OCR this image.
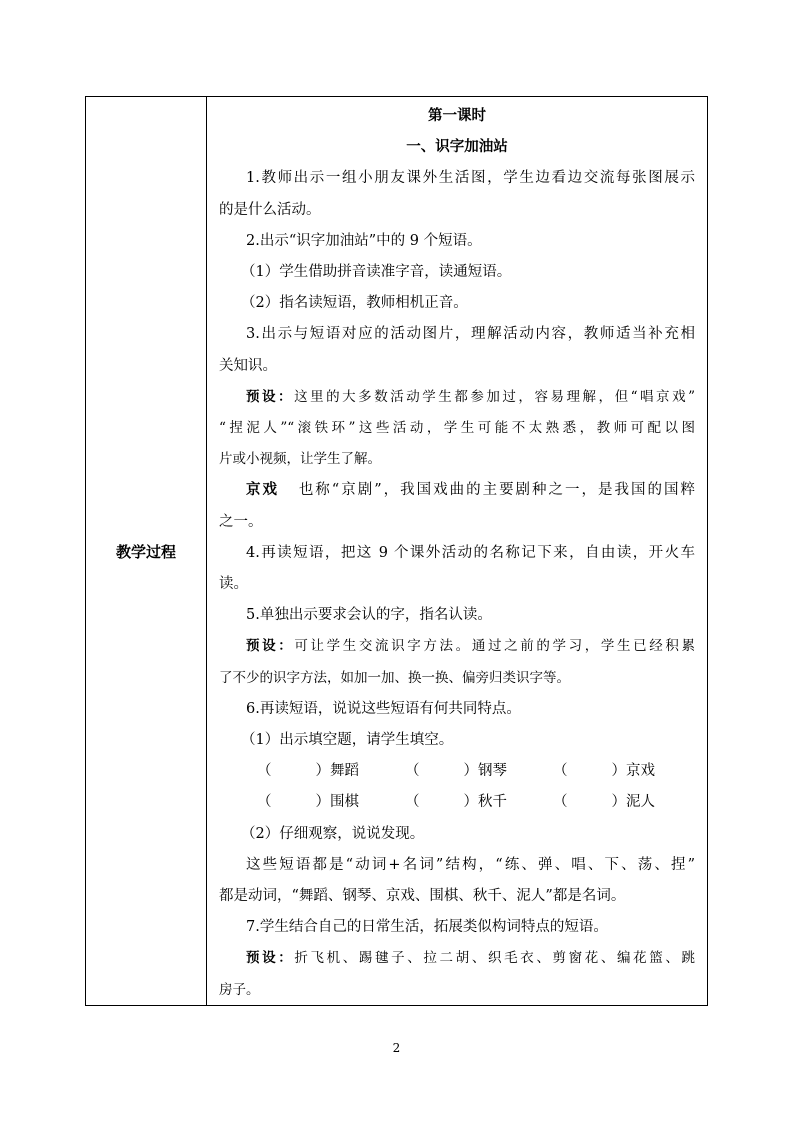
教学过程
第一课时
一、识字加油站
1.教师出示一组小朋友课外生活图，学生边看边交流每张图展示
的是什么活动。
2.出示“识字加油站”中的 9 个短语。
（1）学生借助拼音读准字音，读通短语。
（2）指名读短语，教师相机正音。
3.出示与短语对应的活动图片，理解活动内容，教师适当补充相
关知识。
预设：这里的大多数活动学生都参加过，容易理解，但“唱京戏”
“捏泥人”“滚铁环”这些活动，学生可能不太熟悉，教师可配以图
片或小视频，让学生了解。
京戏 也称“京剧”，我国戏曲的主要剧种之一，是我国的国粹
之一。
4.再读短语，把这 9 个课外活动的名称记下来，自由读，开火车
读。
5.单独出示要求会认的字，指名认读。
预设：可让学生交流识字方法。通过之前的学习，学生已经积累
了不少的识字方法，如加一加、换一换、偏旁归类识字等。
6.再读短语，说说这些短语有何共同特点。
（1）出示填空题，请学生填空。
（	）舞蹈	（	）钢琴	（	）京戏
（	）围棋	（	）秋千	（	）泥人
（2）仔细观察，说说发现。
这些短语都是“动词+名词”结构，“练、弹、唱、下、荡、捏”
都是动词，“舞蹈、钢琴、京戏、围棋、秋千、泥人”都是名词。
7.学生结合自己的日常生活，拓展类似构词特点的短语。
预设：折飞机、踢毽子、拉二胡、织毛衣、剪窗花、编花篮、跳
房子。
2
